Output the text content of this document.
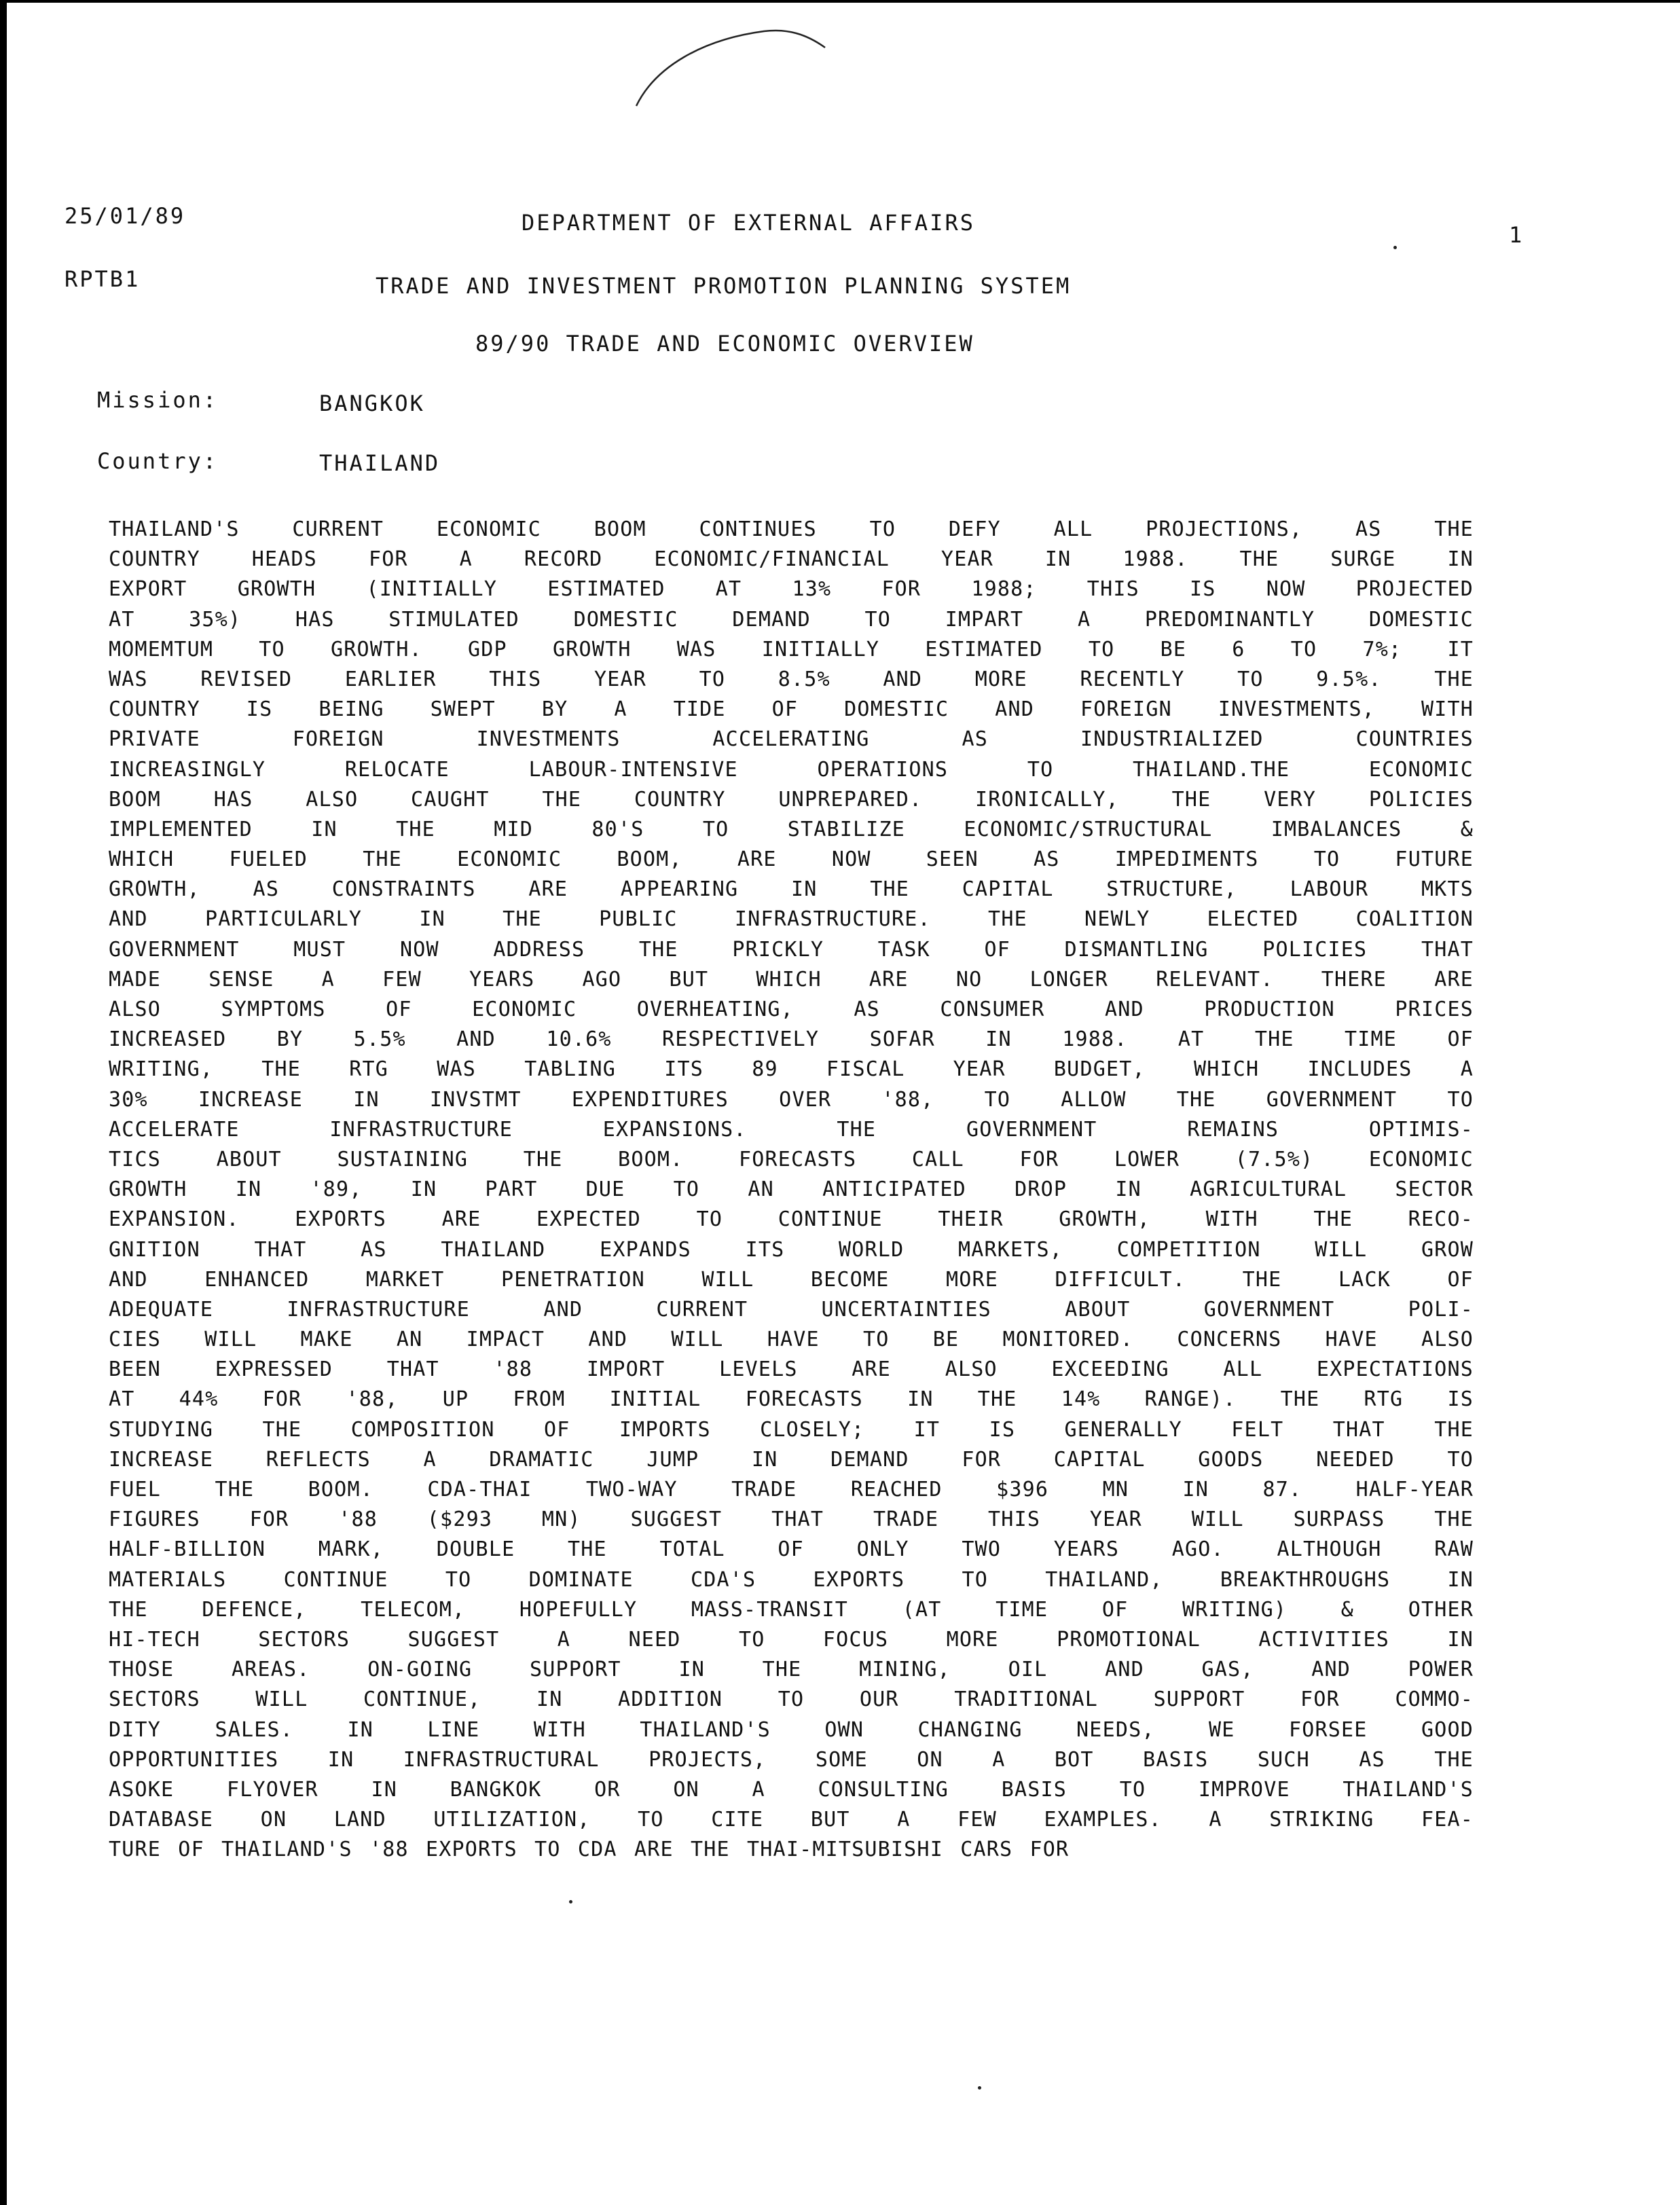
25/01/89	DEPARTMENT OF EXTERNAL AFFAIRS	1
RPTB1	TRADE AND INVESTMENT PROMOTION PLANNING SYSTEM
89/90 TRADE AND ECONOMIC OVERVIEW
Mission:	BANGKOK
Country:	THAILAND
THAILAND'S CURRENT ECONOMIC BOOM CONTINUES TO DEFY ALL PROJECTIONS, AS THE
COUNTRY HEADS FOR A RECORD ECONOMIC/FINANCIAL YEAR IN 1988. THE SURGE IN
EXPORT GROWTH (INITIALLY ESTIMATED AT 13% FOR 1988; THIS IS NOW PROJECTED
AT 35%) HAS STIMULATED DOMESTIC DEMAND TO IMPART A PREDOMINANTLY DOMESTIC
MOMEMTUM TO GROWTH. GDP GROWTH WAS INITIALLY ESTIMATED TO BE 6 TO 7%; IT
WAS REVISED EARLIER THIS YEAR TO 8.5% AND MORE RECENTLY TO 9.5%. THE
COUNTRY IS BEING SWEPT BY A TIDE OF DOMESTIC AND FOREIGN INVESTMENTS, WITH
PRIVATE FOREIGN INVESTMENTS ACCELERATING AS INDUSTRIALIZED COUNTRIES
INCREASINGLY RELOCATE LABOUR-INTENSIVE OPERATIONS TO THAILAND.THE ECONOMIC
BOOM HAS ALSO CAUGHT THE COUNTRY UNPREPARED. IRONICALLY, THE VERY POLICIES
IMPLEMENTED IN THE MID 80'S TO STABILIZE ECONOMIC/STRUCTURAL IMBALANCES &
WHICH FUELED THE ECONOMIC BOOM, ARE NOW SEEN AS IMPEDIMENTS TO FUTURE
GROWTH, AS CONSTRAINTS ARE APPEARING IN THE CAPITAL STRUCTURE, LABOUR MKTS
AND PARTICULARLY IN THE PUBLIC INFRASTRUCTURE. THE NEWLY ELECTED COALITION
GOVERNMENT MUST NOW ADDRESS THE PRICKLY TASK OF DISMANTLING POLICIES THAT
MADE SENSE A FEW YEARS AGO BUT WHICH ARE NO LONGER RELEVANT. THERE ARE
ALSO SYMPTOMS OF ECONOMIC OVERHEATING, AS CONSUMER AND PRODUCTION PRICES
INCREASED BY 5.5% AND 10.6% RESPECTIVELY SOFAR IN 1988. AT THE TIME OF
WRITING, THE RTG WAS TABLING ITS 89 FISCAL YEAR BUDGET, WHICH INCLUDES A
30% INCREASE IN INVSTMT EXPENDITURES OVER '88, TO ALLOW THE GOVERNMENT TO
ACCELERATE INFRASTRUCTURE EXPANSIONS. THE GOVERNMENT REMAINS OPTIMIS-
TICS ABOUT SUSTAINING THE BOOM. FORECASTS CALL FOR LOWER (7.5%) ECONOMIC
GROWTH IN '89, IN PART DUE TO AN ANTICIPATED DROP IN AGRICULTURAL SECTOR
EXPANSION. EXPORTS ARE EXPECTED TO CONTINUE THEIR GROWTH, WITH THE RECO-
GNITION THAT AS THAILAND EXPANDS ITS WORLD MARKETS, COMPETITION WILL GROW
AND ENHANCED MARKET PENETRATION WILL BECOME MORE DIFFICULT. THE LACK OF
ADEQUATE INFRASTRUCTURE AND CURRENT UNCERTAINTIES ABOUT GOVERNMENT POLI-
CIES WILL MAKE AN IMPACT AND WILL HAVE TO BE MONITORED. CONCERNS HAVE ALSO
BEEN EXPRESSED THAT '88 IMPORT LEVELS ARE ALSO EXCEEDING ALL EXPECTATIONS
AT 44% FOR '88, UP FROM INITIAL FORECASTS IN THE 14% RANGE). THE RTG IS
STUDYING THE COMPOSITION OF IMPORTS CLOSELY; IT IS GENERALLY FELT THAT THE
INCREASE REFLECTS A DRAMATIC JUMP IN DEMAND FOR CAPITAL GOODS NEEDED TO
FUEL THE BOOM. CDA-THAI TWO-WAY TRADE REACHED $396 MN IN 87. HALF-YEAR
FIGURES FOR '88 ($293 MN) SUGGEST THAT TRADE THIS YEAR WILL SURPASS THE
HALF-BILLION MARK, DOUBLE THE TOTAL OF ONLY TWO YEARS AGO. ALTHOUGH RAW
MATERIALS CONTINUE TO DOMINATE CDA'S EXPORTS TO THAILAND, BREAKTHROUGHS IN
THE DEFENCE, TELECOM, HOPEFULLY MASS-TRANSIT (AT TIME OF WRITING) & OTHER
HI-TECH SECTORS SUGGEST A NEED TO FOCUS MORE PROMOTIONAL ACTIVITIES IN
THOSE AREAS. ON-GOING SUPPORT IN THE MINING, OIL AND GAS, AND POWER
SECTORS WILL CONTINUE, IN ADDITION TO OUR TRADITIONAL SUPPORT FOR COMMO-
DITY SALES. IN LINE WITH THAILAND'S OWN CHANGING NEEDS, WE FORSEE GOOD
OPPORTUNITIES IN INFRASTRUCTURAL PROJECTS, SOME ON A BOT BASIS SUCH AS THE
ASOKE FLYOVER IN BANGKOK OR ON A CONSULTING BASIS TO IMPROVE THAILAND'S
DATABASE ON LAND UTILIZATION, TO CITE BUT A FEW EXAMPLES. A STRIKING FEA-
TURE OF THAILAND'S '88 EXPORTS TO CDA ARE THE THAI-MITSUBISHI CARS FOR
